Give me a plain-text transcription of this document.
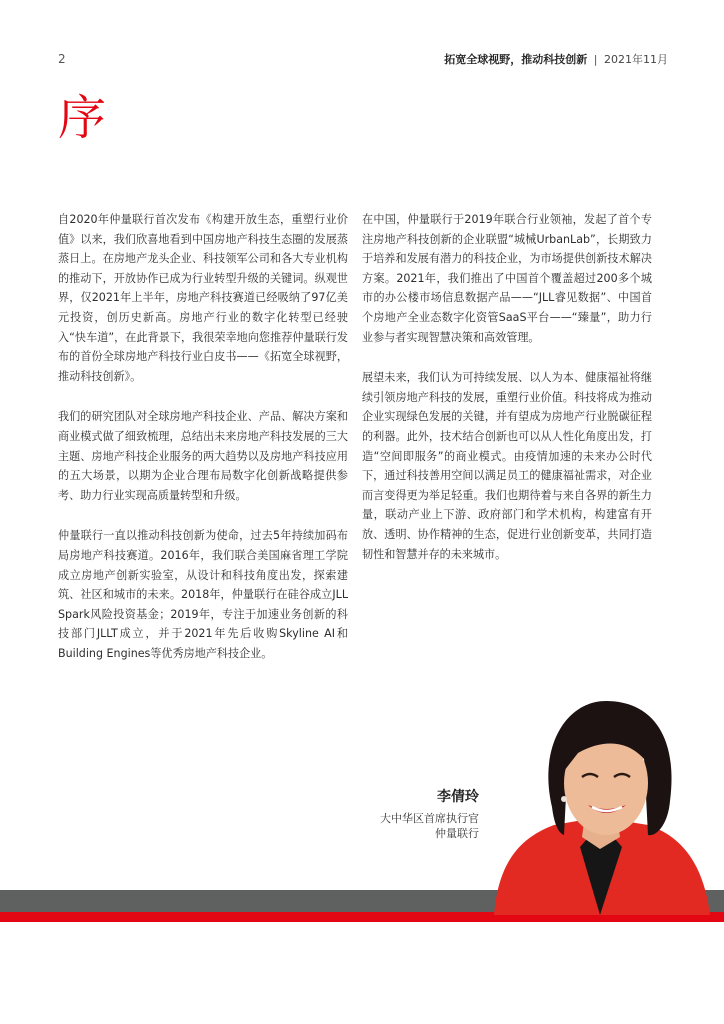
2	拓宽全球视野，推动科技创新 | 2021年11月
序

自2020年仲量联行首次发布《构建开放生态，重塑行业价值》以来，我们欣喜地看到中国房地产科技生态圈的发展蒸蒸日上。在房地产龙头企业、科技领军公司和各大专业机构的推动下，开放协作已成为行业转型升级的关键词。纵观世界，仅2021年上半年，房地产科技赛道已经吸纳了97亿美元投资，创历史新高。房地产行业的数字化转型已经驶入“快车道”，在此背景下，我很荣幸地向您推荐仲量联行发布的首份全球房地产科技行业白皮书——《拓宽全球视野，推动科技创新》。

我们的研究团队对全球房地产科技企业、产品、解决方案和商业模式做了细致梳理，总结出未来房地产科技发展的三大主题、房地产科技企业服务的两大趋势以及房地产科技应用的五大场景，以期为企业合理布局数字化创新战略提供参考、助力行业实现高质量转型和升级。

仲量联行一直以推动科技创新为使命，过去5年持续加码布局房地产科技赛道。2016年，我们联合美国麻省理工学院成立房地产创新实验室，从设计和科技角度出发，探索建筑、社区和城市的未来。2018年，仲量联行在硅谷成立JLL Spark风险投资基金；2019年，专注于加速业务创新的科技部门JLLT成立，并于2021年先后收购Skyline AI和Building Engines等优秀房地产科技企业。

在中国，仲量联行于2019年联合行业领袖，发起了首个专注房地产科技创新的企业联盟“城械UrbanLab”，长期致力于培养和发展有潜力的科技企业，为市场提供创新技术解决方案。2021年，我们推出了中国首个覆盖超过200多个城市的办公楼市场信息数据产品——“JLL睿见数据”、中国首个房地产全业态数字化资管SaaS平台——“臻量”，助力行业参与者实现智慧决策和高效管理。

展望未来，我们认为可持续发展、以人为本、健康福祉将继续引领房地产科技的发展，重塑行业价值。科技将成为推动企业实现绿色发展的关键，并有望成为房地产行业脱碳征程的利器。此外，技术结合创新也可以从人性化角度出发，打造“空间即服务”的商业模式。由疫情加速的未来办公时代下，通过科技善用空间以满足员工的健康福祉需求，对企业而言变得更为举足轻重。我们也期待着与来自各界的新生力量，联动产业上下游、政府部门和学术机构，构建富有开放、透明、协作精神的生态，促进行业创新变革，共同打造韧性和智慧并存的未来城市。

李倩玲
大中华区首席执行官
仲量联行
